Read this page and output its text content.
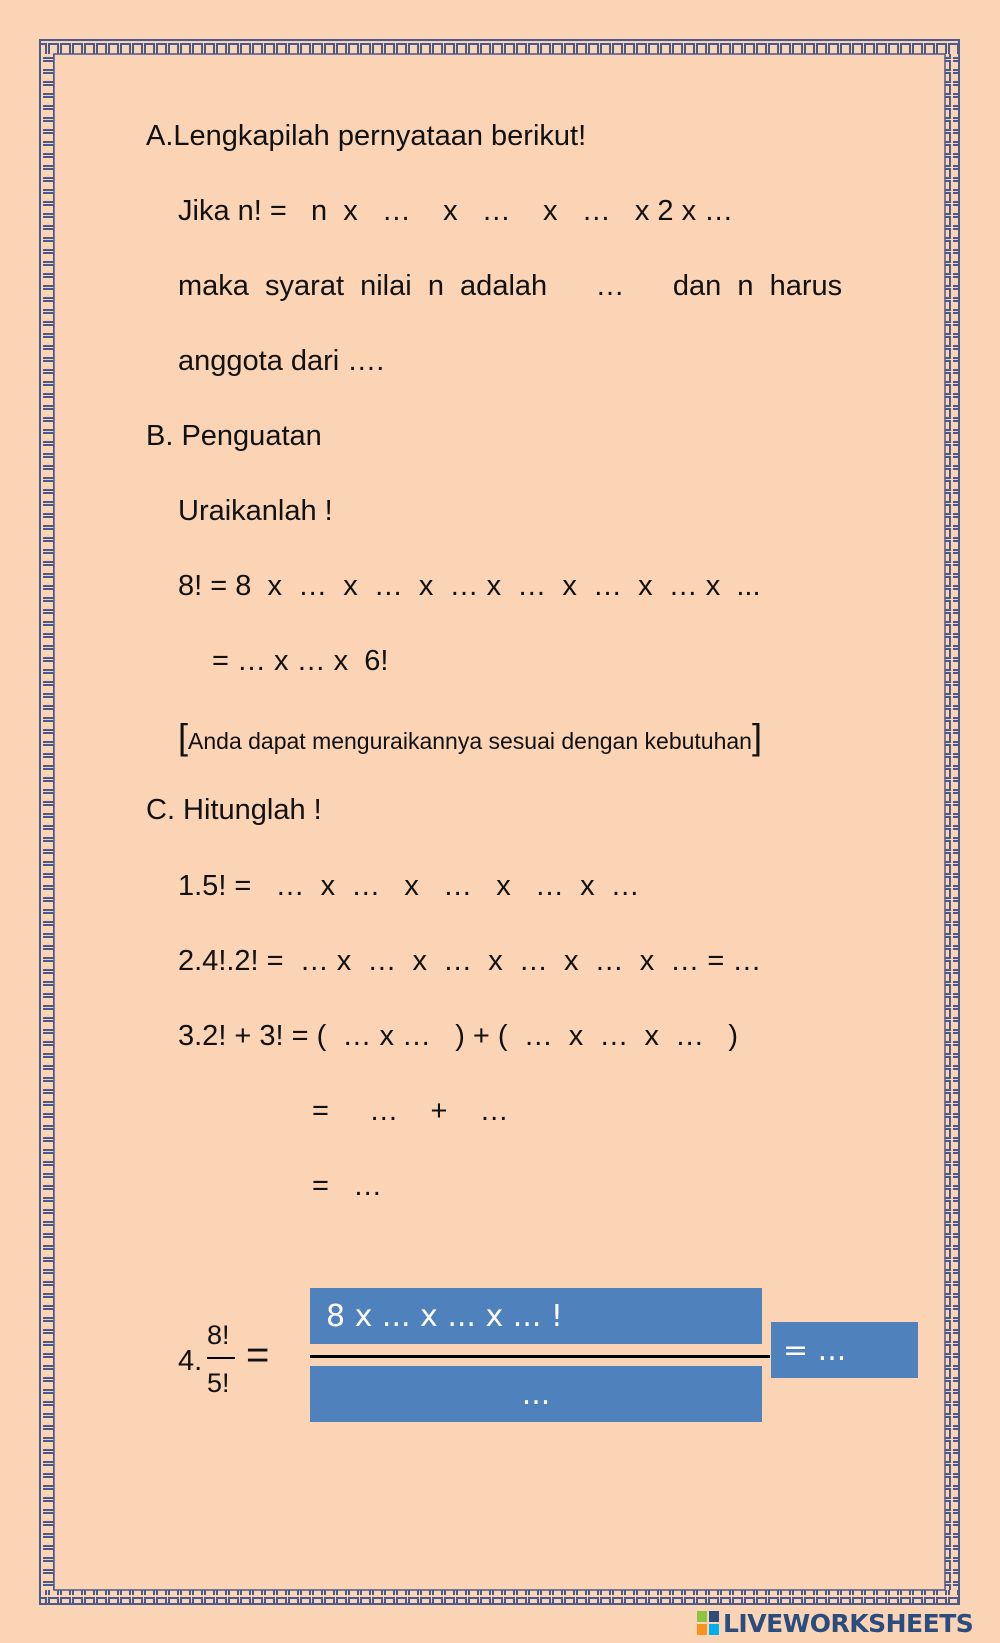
A.Lengkapilah pernyataan berikut!
Jika n! =   n  x   …    x   …    x   …   x 2 x …
maka  syarat  nilai  n  adalah      …      dan  n  harus
anggota dari ….
B. Penguatan
Uraikanlah !
8! = 8  x  …  x  …  x  … x  …  x  …  x  … x  ...
= … x … x  6!
[Anda dapat menguraikannya sesuai dengan kebutuhan]
C. Hitunglah !
1.5! =   …  x  …   x   …   x   …  x  …
2.4!.2! =  … x  …  x  …  x  …  x  …  x  … = …
3.2! + 3! = (  … x …   ) + (  …  x  …  x  …   )
=     …    +    …
=   …
4.
8!
5!
=
8 x ... x ... x ... !
...
= ...
LIVEWORKSHEETS
